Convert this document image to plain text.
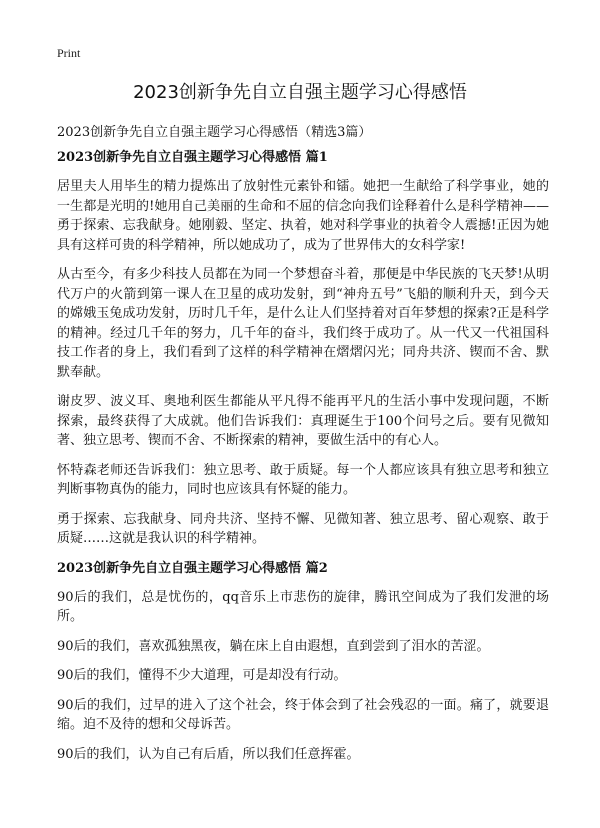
Print
2023创新争先自立自强主题学习心得感悟

2023创新争先自立自强主题学习心得感悟（精选3篇）

2023创新争先自立自强主题学习心得感悟 篇1

居里夫人用毕生的精力提炼出了放射性元素钋和镭。她把一生献给了科学事业，她的一生都是光明的!她用自己美丽的生命和不屈的信念向我们诠释着什么是科学精神——勇于探索、忘我献身。她刚毅、坚定、执着，她对科学事业的执着令人震撼!正因为她具有这样可贵的科学精神，所以她成功了，成为了世界伟大的女科学家!

从古至今，有多少科技人员都在为同一个梦想奋斗着，那便是中华民族的飞天梦!从明代万户的火箭到第一课人在卫星的成功发射，到“神舟五号”飞船的顺利升天，到今天的嫦娥玉兔成功发射，历时几千年，是什么让人们坚持着对百年梦想的探索?正是科学的精神。经过几千年的努力，几千年的奋斗，我们终于成功了。从一代又一代祖国科技工作者的身上，我们看到了这样的科学精神在熠熠闪光；同舟共济、锲而不舍、默默奉献。

谢皮罗、波义耳、奥地利医生都能从平凡得不能再平凡的生活小事中发现问题，不断探索，最终获得了大成就。他们告诉我们：真理诞生于100个问号之后。要有见微知著、独立思考、锲而不舍、不断探索的精神，要做生活中的有心人。

怀特森老师还告诉我们：独立思考、敢于质疑。每一个人都应该具有独立思考和独立判断事物真伪的能力，同时也应该具有怀疑的能力。

勇于探索、忘我献身、同舟共济、坚持不懈、见微知著、独立思考、留心观察、敢于质疑……这就是我认识的科学精神。

2023创新争先自立自强主题学习心得感悟 篇2

90后的我们，总是忧伤的，qq音乐上市悲伤的旋律，腾讯空间成为了我们发泄的场所。

90后的我们，喜欢孤独黑夜，躺在床上自由遐想，直到尝到了泪水的苦涩。

90后的我们，懂得不少大道理，可是却没有行动。

90后的我们，过早的进入了这个社会，终于体会到了社会残忍的一面。痛了，就要退缩。迫不及待的想和父母诉苦。

90后的我们，认为自己有后盾，所以我们任意挥霍。
